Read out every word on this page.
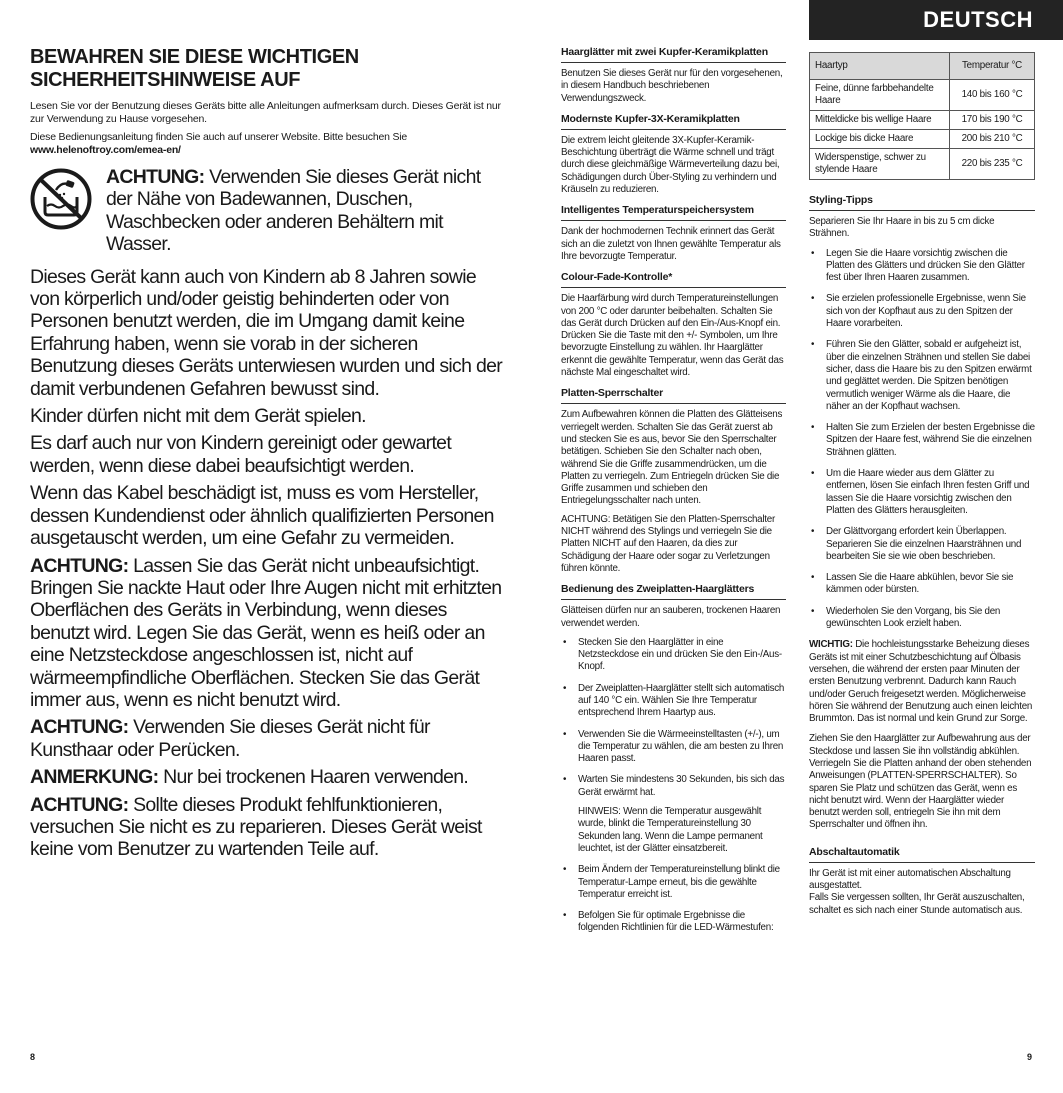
DEUTSCH
BEWAHREN SIE DIESE WICHTIGEN
SICHERHEITSHINWEISE AUF

Lesen Sie vor der Benutzung dieses Geräts bitte alle Anleitungen aufmerksam durch. Dieses Gerät ist nur zur Verwendung zu Hause vorgesehen.

Diese Bedienungsanleitung finden Sie auch auf unserer Website. Bitte besuchen Sie www.helenoftroy.com/emea-en/

ACHTUNG: Verwenden Sie dieses Gerät nicht der Nähe von Badewannen, Duschen, Waschbecken oder anderen Behältern mit Wasser.

Dieses Gerät kann auch von Kindern ab 8 Jahren sowie von körperlich und/oder geistig behinderten oder von Personen benutzt werden, die im Umgang damit keine Erfahrung haben, wenn sie vorab in der sicheren Benutzung dieses Geräts unterwiesen wurden und sich der damit verbundenen Gefahren bewusst sind.

Kinder dürfen nicht mit dem Gerät spielen.

Es darf auch nur von Kindern gereinigt oder gewartet werden, wenn diese dabei beaufsichtigt werden.

Wenn das Kabel beschädigt ist, muss es vom Hersteller, dessen Kundendienst oder ähnlich qualifizierten Personen ausgetauscht werden, um eine Gefahr zu vermeiden.

ACHTUNG: Lassen Sie das Gerät nicht unbeaufsichtigt. Bringen Sie nackte Haut oder Ihre Augen nicht mit erhitzten Oberflächen des Geräts in Verbindung, wenn dieses benutzt wird. Legen Sie das Gerät, wenn es heiß oder an eine Netzsteckdose angeschlossen ist, nicht auf wärmeempfindliche Oberflächen. Stecken Sie das Gerät immer aus, wenn es nicht benutzt wird.

ACHTUNG: Verwenden Sie dieses Gerät nicht für Kunsthaar oder Perücken.

ANMERKUNG: Nur bei trockenen Haaren verwenden.

ACHTUNG: Sollte dieses Produkt fehlfunktionieren, versuchen Sie nicht es zu reparieren. Dieses Gerät weist keine vom Benutzer zu wartenden Teile auf.

Haarglätter mit zwei Kupfer-Keramikplatten

Benutzen Sie dieses Gerät nur für den vorgesehenen, in diesem Handbuch beschriebenen Verwendungszweck.

Modernste Kupfer-3X-Keramikplatten

Die extrem leicht gleitende 3X-Kupfer-Keramik-Beschichtung überträgt die Wärme schnell und trägt durch diese gleichmäßige Wärmeverteilung dazu bei, Schädigungen durch Über-Styling zu verhindern und Kräuseln zu reduzieren.

Intelligentes Temperaturspeichersystem

Dank der hochmodernen Technik erinnert das Gerät sich an die zuletzt von Ihnen gewählte Temperatur als Ihre bevorzugte Temperatur.

Colour-Fade-Kontrolle*

Die Haarfärbung wird durch Temperatureinstellungen von 200 °C oder darunter beibehalten. Schalten Sie das Gerät durch Drücken auf den Ein-/Aus-Knopf ein. Drücken Sie die Taste mit den +/- Symbolen, um Ihre bevorzugte Einstellung zu wählen. Ihr Haarglätter erkennt die gewählte Temperatur, wenn das Gerät das nächste Mal eingeschaltet wird.

Platten-Sperrschalter

Zum Aufbewahren können die Platten des Glätteisens verriegelt werden. Schalten Sie das Gerät zuerst ab und stecken Sie es aus, bevor Sie den Sperrschalter betätigen. Schieben Sie den Schalter nach oben, während Sie die Griffe zusammendrücken, um die Platten zu verriegeln. Zum Entriegeln drücken Sie die Griffe zusammen und schieben den Entriegelungsschalter nach unten.

ACHTUNG: Betätigen Sie den Platten-Sperrschalter NICHT während des Stylings und verriegeln Sie die Platten NICHT auf den Haaren, da dies zur Schädigung der Haare oder sogar zu Verletzungen führen könnte.

Bedienung des Zweiplatten-Haarglätters

Glätteisen dürfen nur an sauberen, trockenen Haaren verwendet werden.

• Stecken Sie den Haarglätter in eine Netzsteckdose ein und drücken Sie den Ein-/Aus-Knopf.
• Der Zweiplatten-Haarglätter stellt sich automatisch auf 140 °C ein. Wählen Sie Ihre Temperatur entsprechend Ihrem Haartyp aus.
• Verwenden Sie die Wärmeeinstelltasten (+/-), um die Temperatur zu wählen, die am besten zu Ihren Haaren passt.
• Warten Sie mindestens 30 Sekunden, bis sich das Gerät erwärmt hat.
HINWEIS: Wenn die Temperatur ausgewählt wurde, blinkt die Temperatureinstellung 30 Sekunden lang. Wenn die Lampe permanent leuchtet, ist der Glätter einsatzbereit.
• Beim Ändern der Temperatureinstellung blinkt die Temperatur-Lampe erneut, bis die gewählte Temperatur erreicht ist.
• Befolgen Sie für optimale Ergebnisse die folgenden Richtlinien für die LED-Wärmestufen:
Haartyp	Temperatur °C
Feine, dünne farbbehandelte Haare	140 bis 160 °C
Mitteldicke bis wellige Haare	170 bis 190 °C
Lockige bis dicke Haare	200 bis 210 °C
Widerspenstige, schwer zu stylende Haare	220 bis 235 °C
Styling-Tipps

Separieren Sie Ihr Haare in bis zu 5 cm dicke Strähnen.

• Legen Sie die Haare vorsichtig zwischen die Platten des Glätters und drücken Sie den Glätter fest über Ihren Haaren zusammen.
• Sie erzielen professionelle Ergebnisse, wenn Sie sich von der Kopfhaut aus zu den Spitzen der Haare vorarbeiten.
• Führen Sie den Glätter, sobald er aufgeheizt ist, über die einzelnen Strähnen und stellen Sie dabei sicher, dass die Haare bis zu den Spitzen erwärmt und geglättet werden. Die Spitzen benötigen vermutlich weniger Wärme als die Haare, die näher an der Kopfhaut wachsen.
• Halten Sie zum Erzielen der besten Ergebnisse die Spitzen der Haare fest, während Sie die einzelnen Strähnen glätten.
• Um die Haare wieder aus dem Glätter zu entfernen, lösen Sie einfach Ihren festen Griff und lassen Sie die Haare vorsichtig zwischen den Platten des Glätters herausgleiten.
• Der Glättvorgang erfordert kein Überlappen. Separieren Sie die einzelnen Haarsträhnen und bearbeiten Sie sie wie oben beschrieben.
• Lassen Sie die Haare abkühlen, bevor Sie sie kämmen oder bürsten.
• Wiederholen Sie den Vorgang, bis Sie den gewünschten Look erzielt haben.

WICHTIG: Die hochleistungsstarke Beheizung dieses Geräts ist mit einer Schutzbeschichtung auf Ölbasis versehen, die während der ersten paar Minuten der ersten Benutzung verbrennt. Dadurch kann Rauch und/oder Geruch freigesetzt werden. Möglicherweise hören Sie während der Benutzung auch einen leichten Brummton. Das ist normal und kein Grund zur Sorge.

Ziehen Sie den Haarglätter zur Aufbewahrung aus der Steckdose und lassen Sie ihn vollständig abkühlen. Verriegeln Sie die Platten anhand der oben stehenden Anweisungen (PLATTEN-SPERRSCHALTER). So sparen Sie Platz und schützen das Gerät, wenn es nicht benutzt wird. Wenn der Haarglätter wieder benutzt werden soll, entriegeln Sie ihn mit dem Sperrschalter und öffnen ihn.

Abschaltautomatik

Ihr Gerät ist mit einer automatischen Abschaltung ausgestattet.
Falls Sie vergessen sollten, Ihr Gerät auszuschalten, schaltet es sich nach einer Stunde automatisch aus.

8	9
